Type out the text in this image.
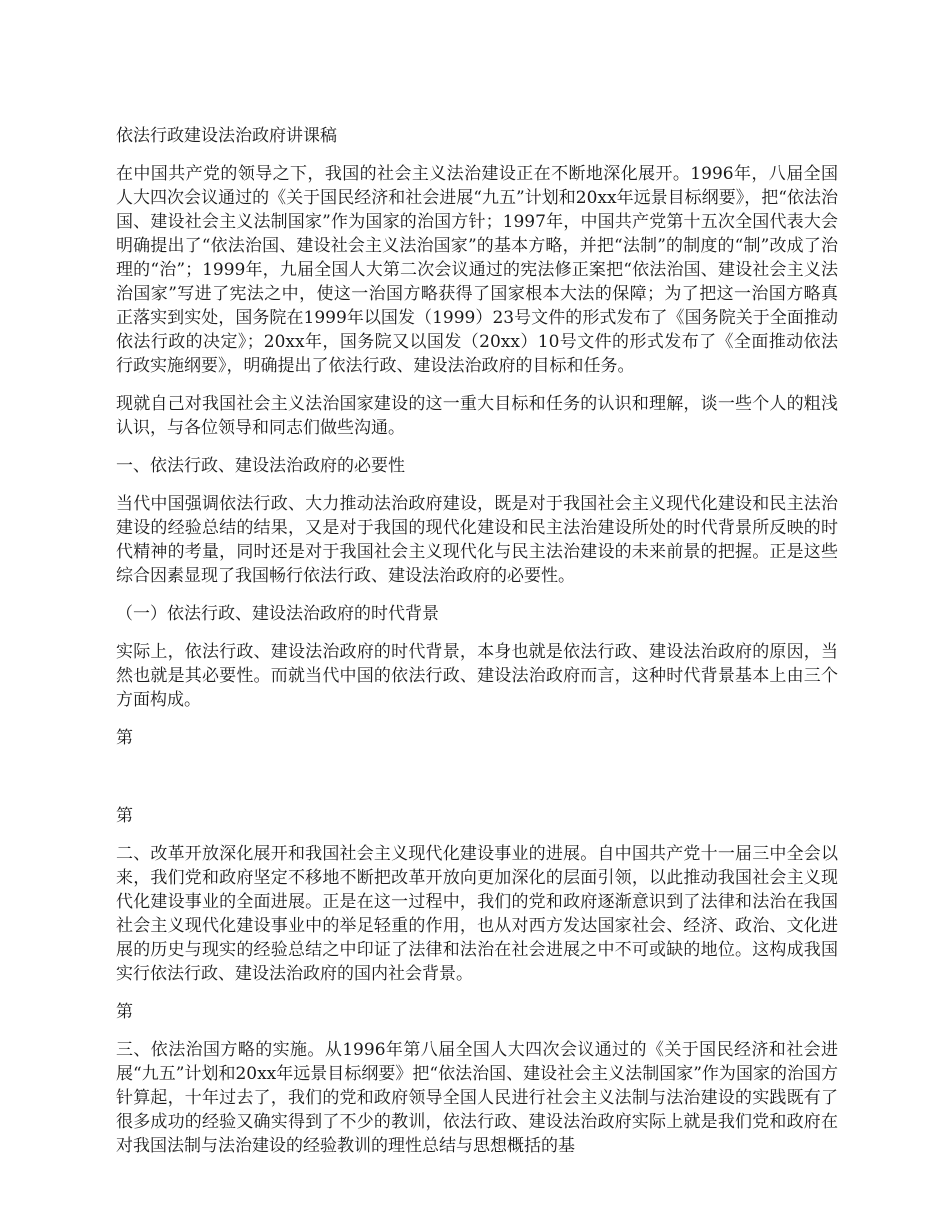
依法行政建设法治政府讲课稿

在中国共产党的领导之下，我国的社会主义法治建设正在不断地深化展开。1996年，八届全国人大四次会议通过的《关于国民经济和社会进展“九五”计划和20xx年远景目标纲要》，把“依法治国、建设社会主义法制国家”作为国家的治国方针；1997年，中国共产党第十五次全国代表大会明确提出了“依法治国、建设社会主义法治国家”的基本方略，并把“法制”的制度的“制”改成了治理的“治”；1999年，九届全国人大第二次会议通过的宪法修正案把“依法治国、建设社会主义法治国家”写进了宪法之中，使这一治国方略获得了国家根本大法的保障；为了把这一治国方略真正落实到实处，国务院在1999年以国发（1999）23号文件的形式发布了《国务院关于全面推动依法行政的决定》；20xx年，国务院又以国发（20xx）10号文件的形式发布了《全面推动依法行政实施纲要》，明确提出了依法行政、建设法治政府的目标和任务。

现就自己对我国社会主义法治国家建设的这一重大目标和任务的认识和理解，谈一些个人的粗浅认识，与各位领导和同志们做些沟通。

一、依法行政、建设法治政府的必要性

当代中国强调依法行政、大力推动法治政府建设，既是对于我国社会主义现代化建设和民主法治建设的经验总结的结果，又是对于我国的现代化建设和民主法治建设所处的时代背景所反映的时代精神的考量，同时还是对于我国社会主义现代化与民主法治建设的未来前景的把握。正是这些综合因素显现了我国畅行依法行政、建设法治政府的必要性。

（一）依法行政、建设法治政府的时代背景

实际上，依法行政、建设法治政府的时代背景，本身也就是依法行政、建设法治政府的原因，当然也就是其必要性。而就当代中国的依法行政、建设法治政府而言，这种时代背景基本上由三个方面构成。

第
第

二、改革开放深化展开和我国社会主义现代化建设事业的进展。自中国共产党十一届三中全会以来，我们党和政府坚定不移地不断把改革开放向更加深化的层面引领，以此推动我国社会主义现代化建设事业的全面进展。正是在这一过程中，我们的党和政府逐渐意识到了法律和法治在我国社会主义现代化建设事业中的举足轻重的作用，也从对西方发达国家社会、经济、政治、文化进展的历史与现实的经验总结之中印证了法律和法治在社会进展之中不可或缺的地位。这构成我国实行依法行政、建设法治政府的国内社会背景。

第

三、依法治国方略的实施。从1996年第八届全国人大四次会议通过的《关于国民经济和社会进展“九五”计划和20xx年远景目标纲要》把“依法治国、建设社会主义法制国家”作为国家的治国方针算起，十年过去了，我们的党和政府领导全国人民进行社会主义法制与法治建设的实践既有了很多成功的经验又确实得到了不少的教训，依法行政、建设法治政府实际上就是我们党和政府在对我国法制与法治建设的经验教训的理性总结与思想概括的基
